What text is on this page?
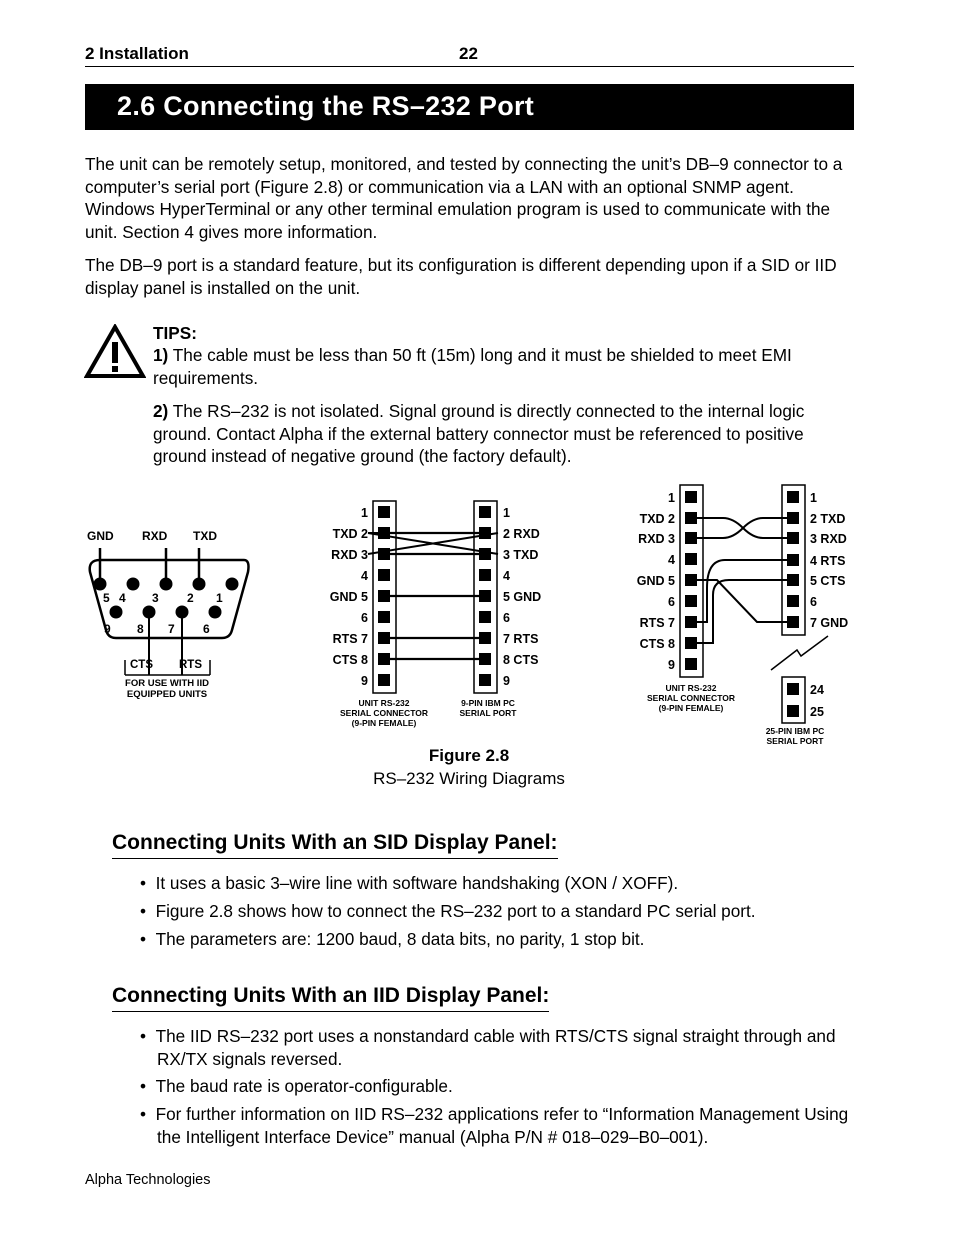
2 Installation	22
2.6 Connecting the RS–232 Port
The unit can be remotely setup, monitored, and tested by connecting the unit’s DB–9 connector to a computer’s serial port (Figure 2.8) or communication via a LAN with an optional SNMP agent. Windows HyperTerminal or any other terminal emulation program is used to communicate with the unit. Section 4 gives more information.
The DB–9 port is a standard feature, but its configuration is different depending upon if a SID or IID display panel is installed on the unit.
TIPS:
1) The cable must be less than 50 ft (15m) long and it must be shielded to meet EMI requirements.
2) The RS–232 is not isolated. Signal ground is directly connected to the internal logic ground. Contact Alpha if the external battery connector must be referenced to positive ground instead of negative ground (the factory default).
GND RXD TXD
5 4 3 2 1
9 8 7 6
CTS RTS
FOR USE WITH IID
EQUIPPED UNITS
1
TXD 2
RXD 3
4
GND 5
6
RTS 7
CTS 8
9
1
2 RXD
3 TXD
4
5 GND
6
7 RTS
8 CTS
9
UNIT RS-232
SERIAL CONNECTOR
(9-PIN FEMALE)
9-PIN IBM PC
SERIAL PORT
1
TXD 2
RXD 3
4
GND 5
6
RTS 7
CTS 8
9
1
2 TXD
3 RXD
4 RTS
5 CTS
6
7 GND
24
25
UNIT RS-232
SERIAL CONNECTOR
(9-PIN FEMALE)
25-PIN IBM PC
SERIAL PORT
Figure 2.8
RS–232 Wiring Diagrams
Connecting Units With an SID Display Panel:
•  It uses a basic 3–wire line with software handshaking (XON / XOFF).
•  Figure 2.8 shows how to connect the RS–232 port to a standard PC serial port.
•  The parameters are: 1200 baud, 8 data bits, no parity, 1 stop bit.
Connecting Units With an IID Display Panel:
•  The IID RS–232 port uses a nonstandard cable with RTS/CTS signal straight through and RX/TX signals reversed.
•  The baud rate is operator-configurable.
•  For further information on IID RS–232 applications refer to “Information Management Using the Intelligent Interface Device” manual (Alpha P/N # 018–029–B0–001).
Alpha Technologies
